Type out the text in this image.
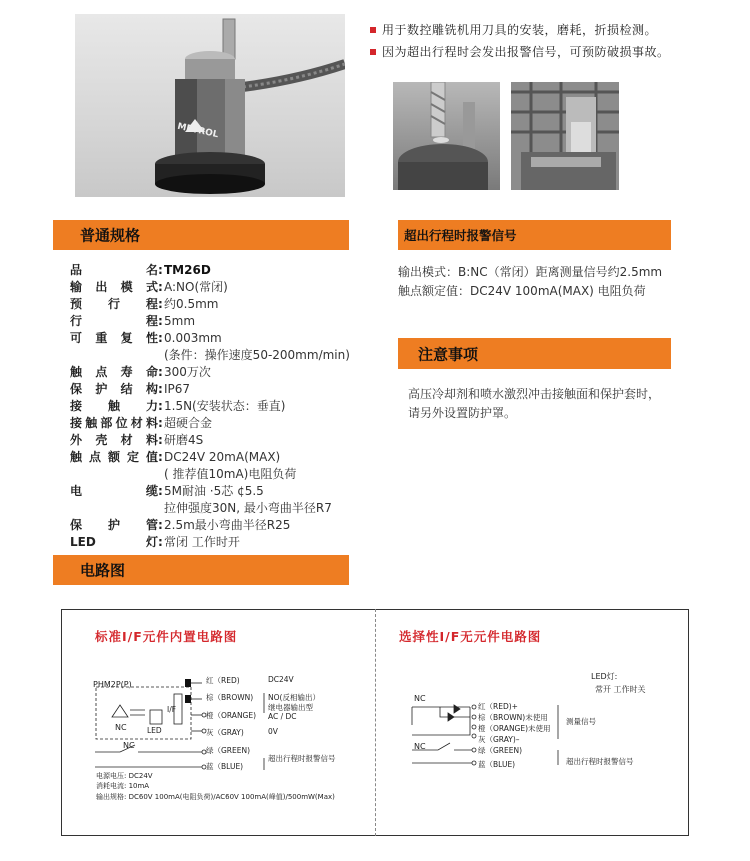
METROL
用于数控雕铣机用刀具的安装，磨耗，折损检测。
因为超出行程时会发出报警信号，可预防破损事故。
普通规格
品名:TM26D
输出模式:A:NO(常闭)
预行程:约0.5mm
行程:5mm
可重复性:0.003mm
(条件：操作速度50-200mm/min)
触点寿命:300万次
保护结构:IP67
接触力:1.5N(安装状态：垂直)
接触部位材料:超硬合金
外壳材料:研磨4S
触点额定值:DC24V 20mA(MAX)
( 推荐值10mA)电阻负荷
电缆:5M耐油 ·5芯 ¢5.5
拉伸强度30N, 最小弯曲半径R7
保护管:2.5m最小弯曲半径R25
LED灯:常闭 工作时开
超出行程时报警信号
输出模式：B:NC（常闭）距离测量信号约2.5mm
触点额定值：DC24V 100mA(MAX) 电阻负荷
注意事项
高压冷却剂和喷水激烈冲击接触面和保护套时，
请另外设置防护罩。
电路图
标准I/F元件内置电路图	选择性I/F无元件电路图
PHM2P(P)
I/F
NC	LED
NC
红（RED)
棕（BROWN)
橙（ORANGE)
灰（GRAY)
绿（GREEN)
蓝（BLUE)
DC24V
NO(反相输出）
继电器输出型
AC / DC
0V
超出行程时报警信号
电源电压: DC24V
消耗电流: 10mA
输出规格: DC60V 100mA(电阻负荷)/AC60V 100mA(峰值)/500mW(Max)
LED灯:
常开 工作时关
NC
NC
红（RED)+
棕（BROWN)未使用
橙（ORANGE)未使用
灰（GRAY)–
绿（GREEN)
蓝（BLUE)
测量信号
超出行程时报警信号
